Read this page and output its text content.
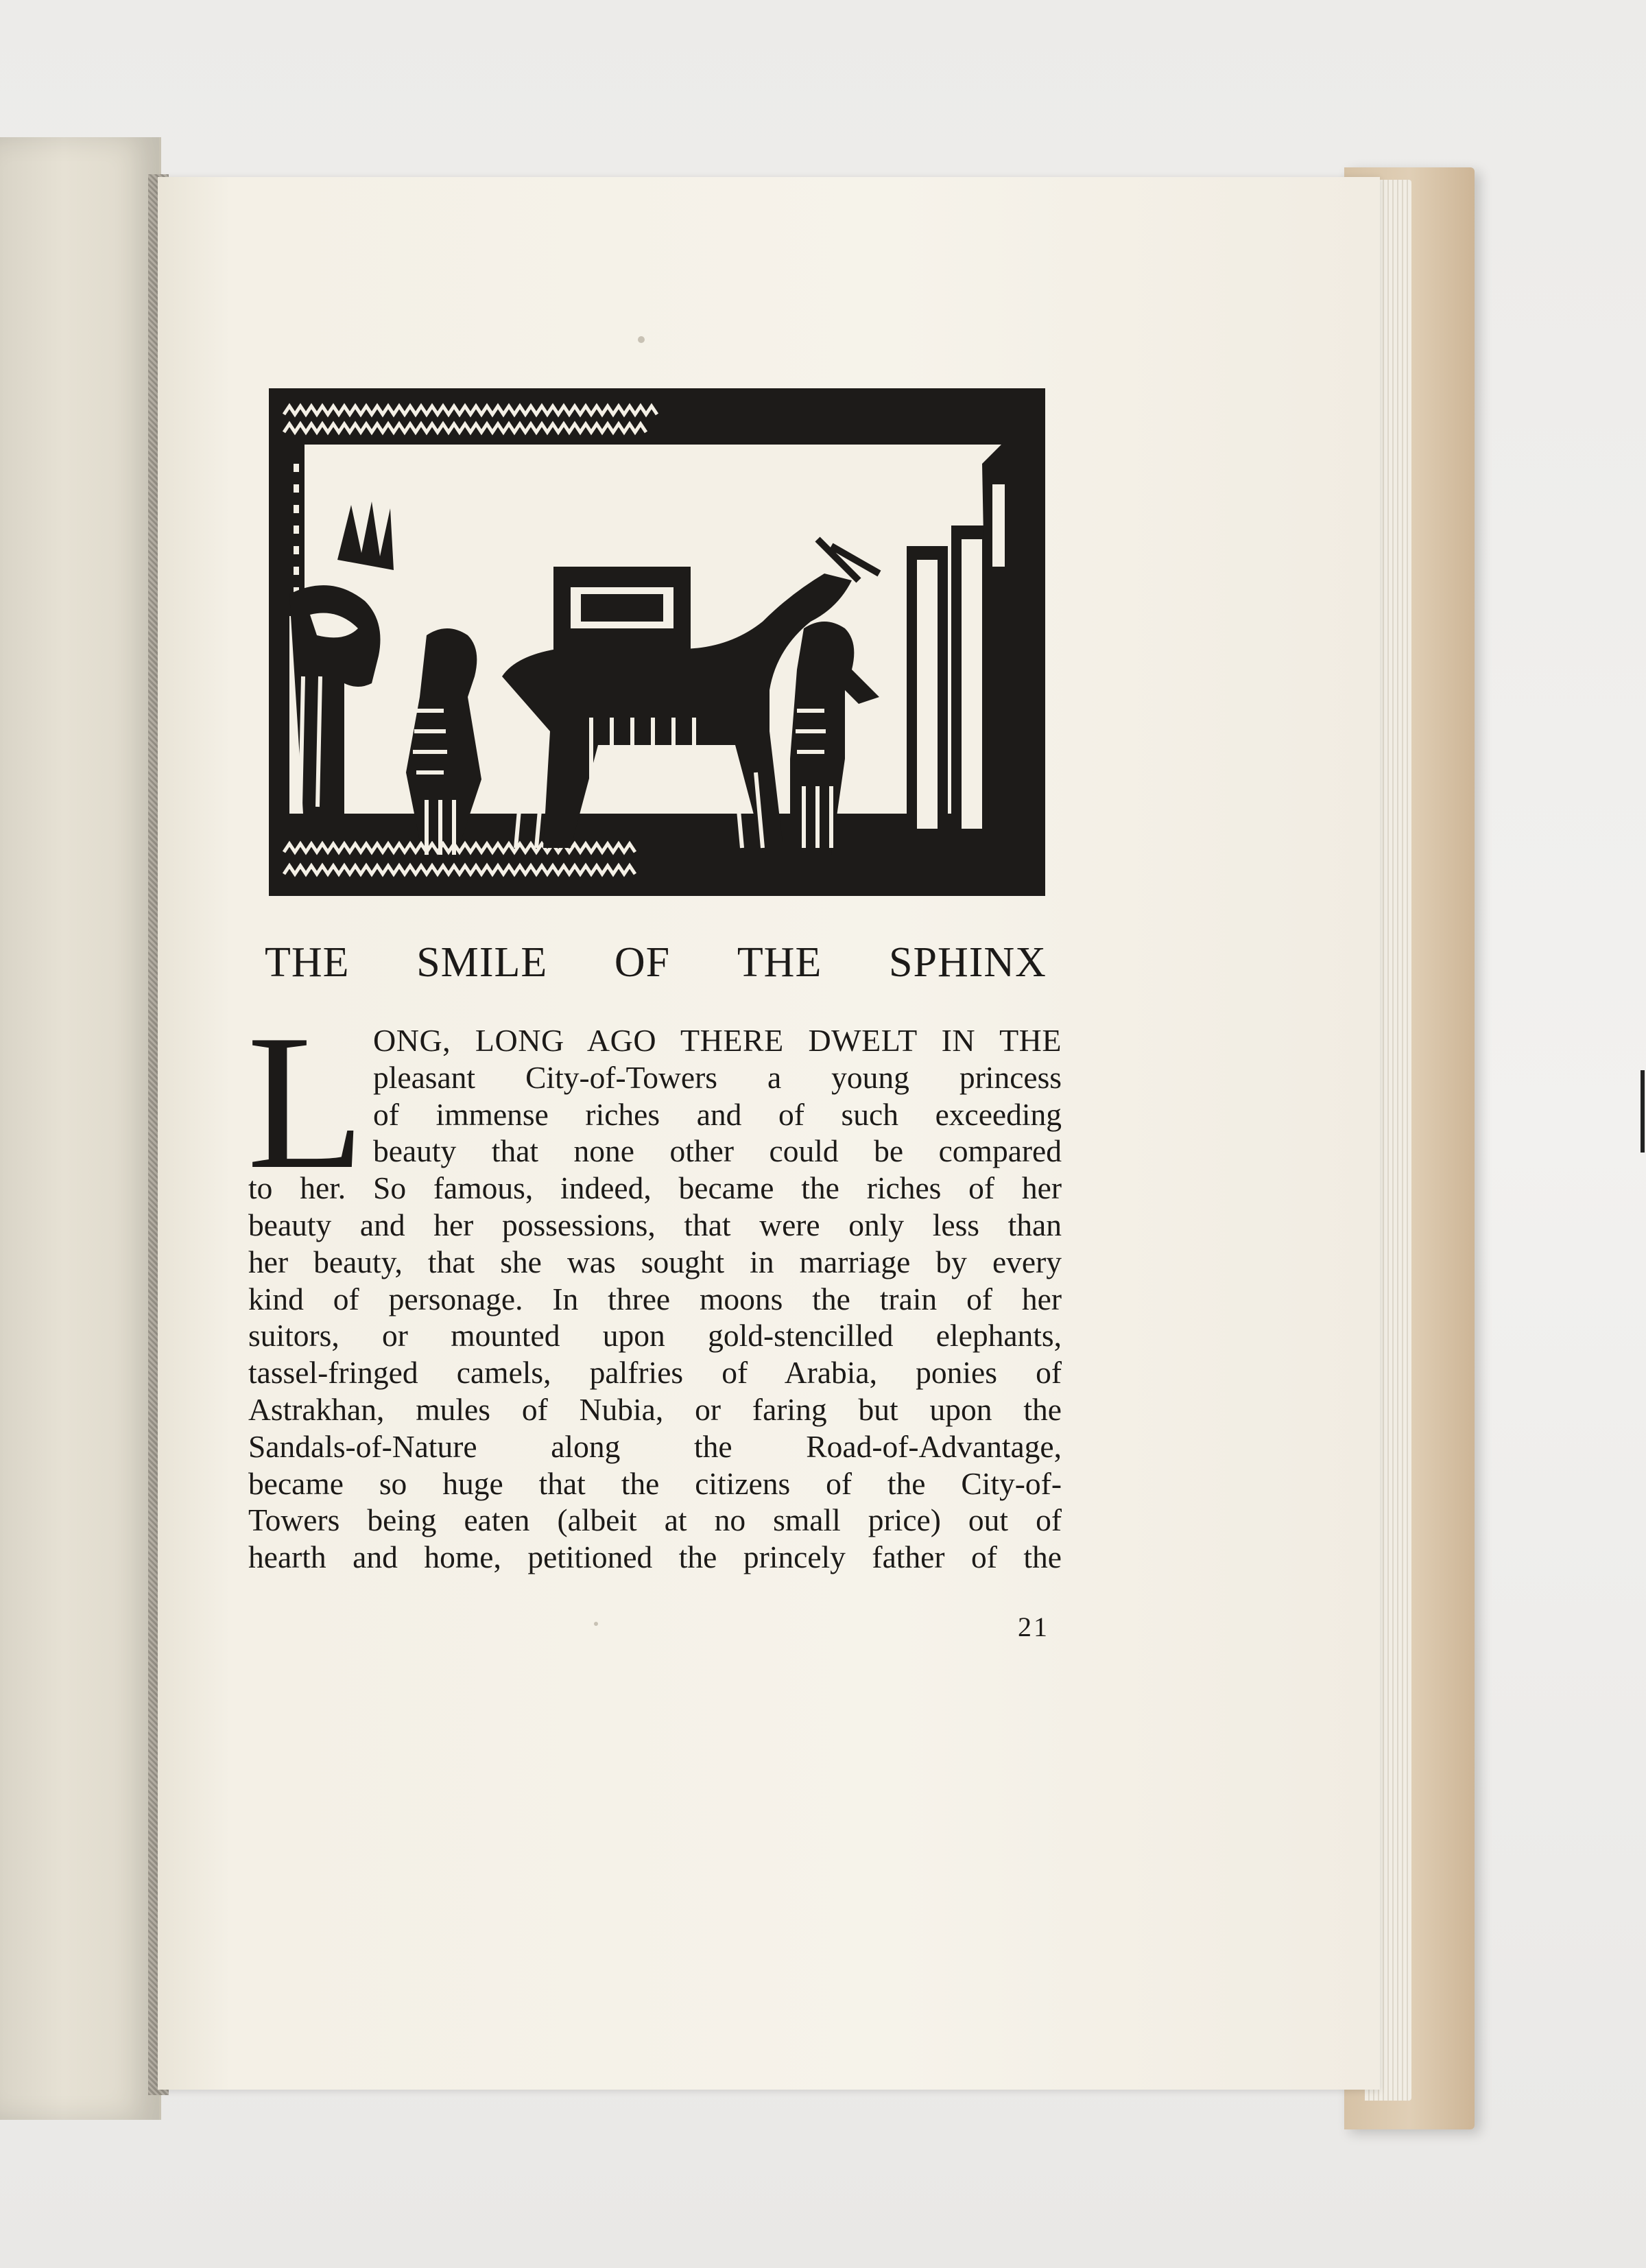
THE SMILE OF THE SPHINX
L ONG, LONG AGO THERE DWELT IN THE
pleasant City-of-Towers a young princess
of immense riches and of such exceeding
beauty that none other could be compared
to her. So famous, indeed, became the riches of her
beauty and her possessions, that were only less than
her beauty, that she was sought in marriage by every
kind of personage. In three moons the train of her
suitors, or mounted upon gold-stencilled elephants,
tassel-fringed camels, palfries of Arabia, ponies of
Astrakhan, mules of Nubia, or faring but upon the
Sandals-of-Nature along the Road-of-Advantage,
became so huge that the citizens of the City-of-
Towers being eaten (albeit at no small price) out of
hearth and home, petitioned the princely father of the
21
